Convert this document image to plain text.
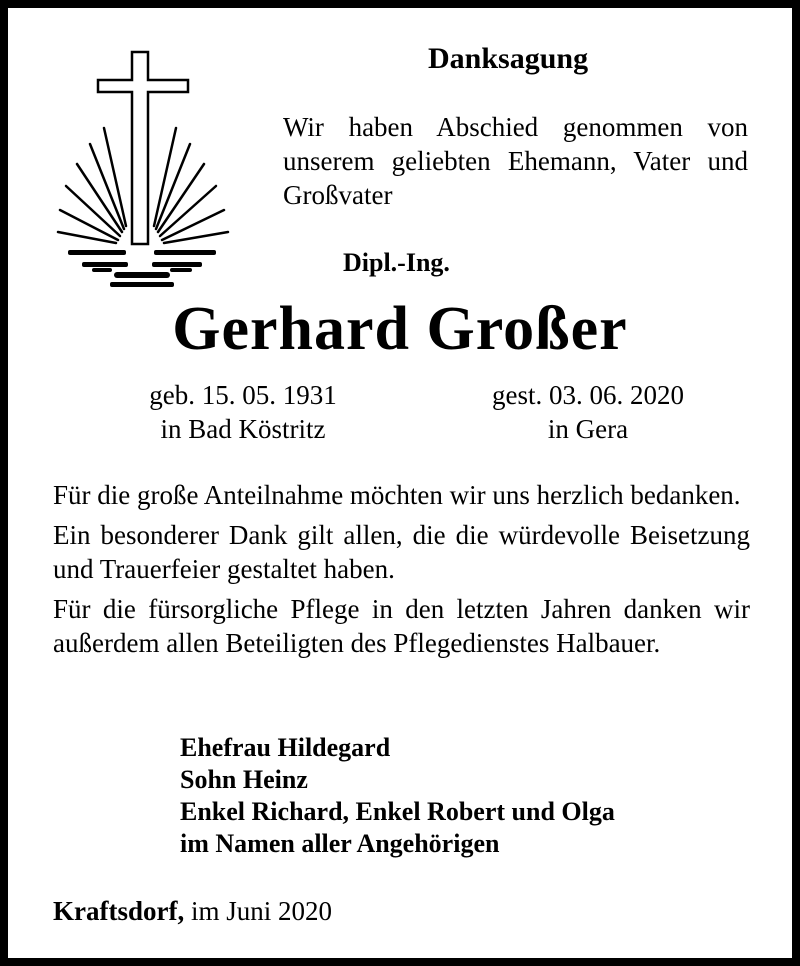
Danksagung
Wir haben Abschied genommen von
unserem geliebten Ehemann, Vater und
Großvater
Dipl.-Ing.
Gerhard Großer
geb. 15. 05. 1931
in Bad Köstritz
gest. 03. 06. 2020
in Gera

Für die große Anteilnahme möchten wir uns herzlich bedanken.

Ein besonderer Dank gilt allen, die die würdevolle Beisetzung und Trauerfeier gestaltet haben.

Für die fürsorgliche Pflege in den letzten Jahren danken wir außerdem allen Beteiligten des Pflegedienstes Halbauer.

Ehefrau Hildegard
Sohn Heinz
Enkel Richard, Enkel Robert und Olga
im Namen aller Angehörigen
Kraftsdorf, im Juni 2020
